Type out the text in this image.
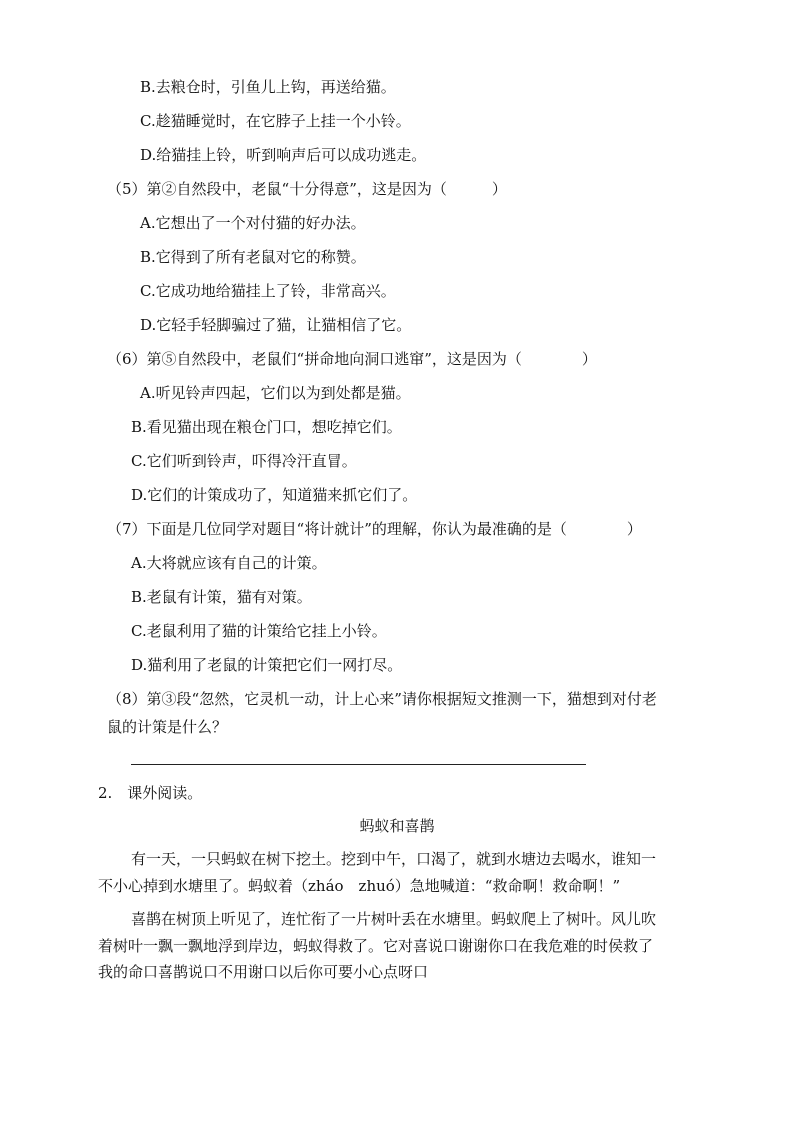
B.去粮仓时，引鱼儿上钩，再送给猫。
C.趁猫睡觉时，在它脖子上挂一个小铃。
D.给猫挂上铃，听到响声后可以成功逃走。
（5）第②自然段中，老鼠“十分得意”，这是因为（　　　）
A.它想出了一个对付猫的好办法。
B.它得到了所有老鼠对它的称赞。
C.它成功地给猫挂上了铃，非常高兴。
D.它轻手轻脚骗过了猫，让猫相信了它。
（6）第⑤自然段中，老鼠们“拼命地向洞口逃窜”，这是因为（　　　　）
A.听见铃声四起，它们以为到处都是猫。
B.看见猫出现在粮仓门口，想吃掉它们。
C.它们听到铃声，吓得冷汗直冒。
D.它们的计策成功了，知道猫来抓它们了。
（7）下面是几位同学对题目“将计就计”的理解，你认为最准确的是（　　　　）
A.大将就应该有自己的计策。
B.老鼠有计策，猫有对策。
C.老鼠利用了猫的计策给它挂上小铃。
D.猫利用了老鼠的计策把它们一网打尽。
（8）第③段“忽然，它灵机一动，计上心来”请你根据短文推测一下，猫想到对付老
鼠的计策是什么？
2.　课外阅读。
蚂蚁和喜鹊
有一天，一只蚂蚁在树下挖土。挖到中午，口渴了，就到水塘边去喝水，谁知一
不小心掉到水塘里了。蚂蚁着（zháo　zhuó）急地喊道：“救命啊！救命啊！”
喜鹊在树顶上听见了，连忙衔了一片树叶丢在水塘里。蚂蚁爬上了树叶。风儿吹
着树叶一飘一飘地浮到岸边，蚂蚁得救了。它对喜说口谢谢你口在我危难的时侯救了
我的命口喜鹊说口不用谢口以后你可要小心点呀口
